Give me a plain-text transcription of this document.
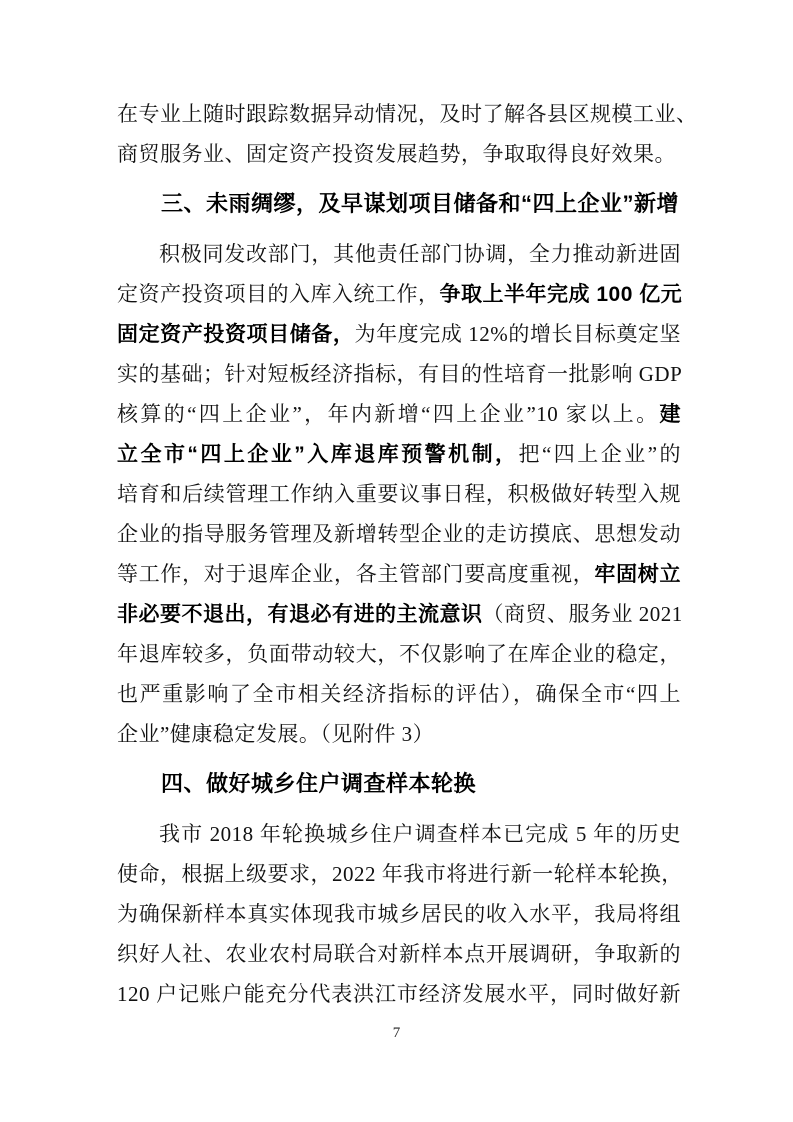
在专业上随时跟踪数据异动情况，及时了解各县区规模工业、
商贸服务业、固定资产投资发展趋势，争取取得良好效果。
三、未雨绸缪，及早谋划项目储备和“四上企业”新增
积极同发改部门，其他责任部门协调，全力推动新进固
定资产投资项目的入库入统工作，争取上半年完成 100 亿元
固定资产投资项目储备，为年度完成 12%的增长目标奠定坚
实的基础；针对短板经济指标，有目的性培育一批影响 GDP
核算的“四上企业”，年内新增“四上企业”10 家以上。建
立全市“四上企业”入库退库预警机制，把“四上企业”的
培育和后续管理工作纳入重要议事日程，积极做好转型入规
企业的指导服务管理及新增转型企业的走访摸底、思想发动
等工作，对于退库企业，各主管部门要高度重视，牢固树立
非必要不退出，有退必有进的主流意识（商贸、服务业 2021
年退库较多，负面带动较大，不仅影响了在库企业的稳定，
也严重影响了全市相关经济指标的评估），确保全市“四上
企业”健康稳定发展。（见附件 3）
四、做好城乡住户调查样本轮换
我市 2018 年轮换城乡住户调查样本已完成 5 年的历史
使命，根据上级要求，2022 年我市将进行新一轮样本轮换，
为确保新样本真实体现我市城乡居民的收入水平，我局将组
织好人社、农业农村局联合对新样本点开展调研，争取新的
120 户记账户能充分代表洪江市经济发展水平，同时做好新
7
